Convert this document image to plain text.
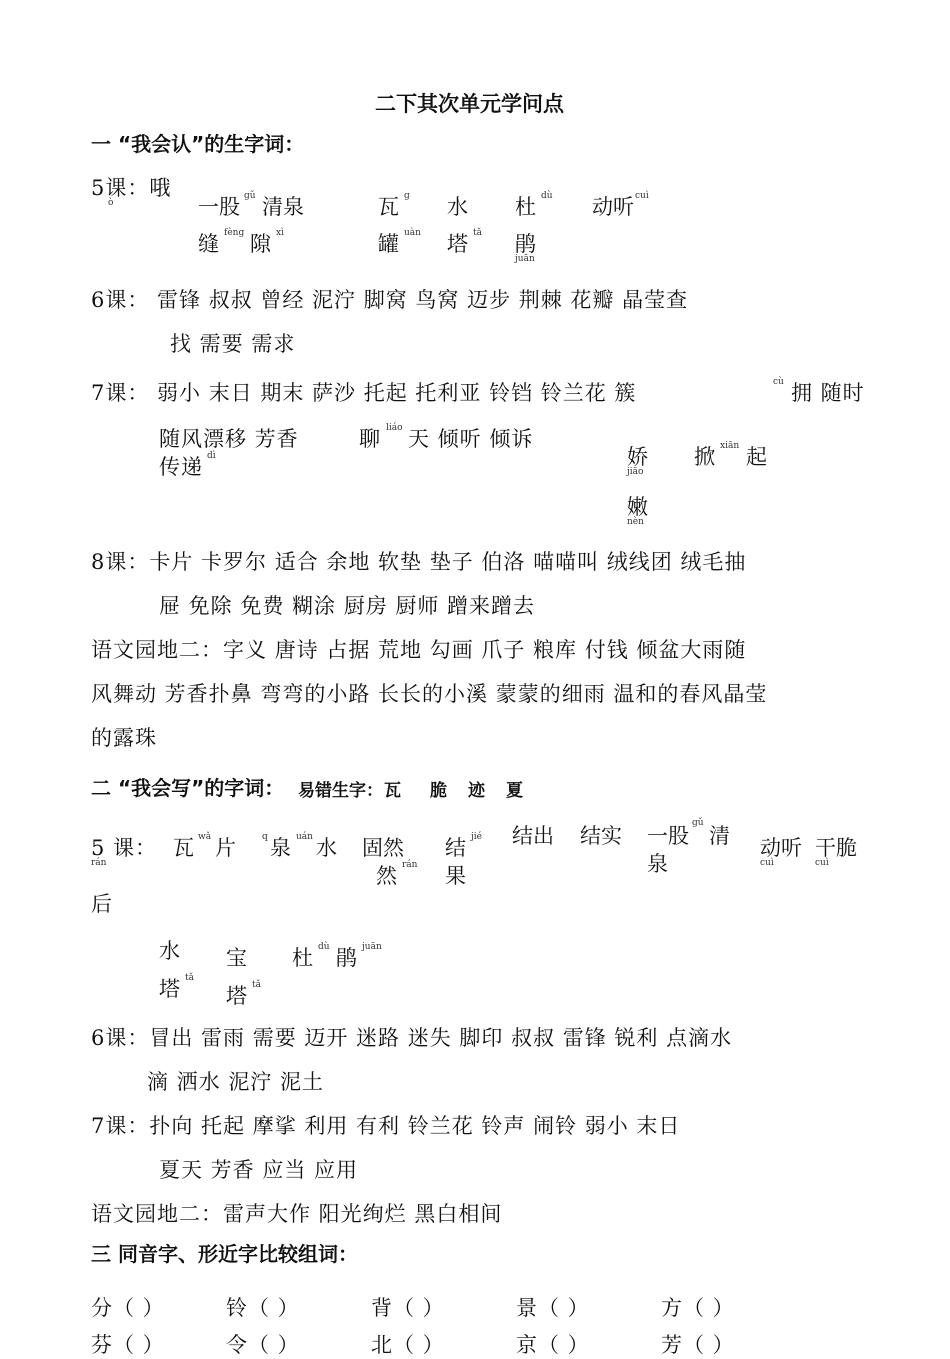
二下其次单元学问点
一 “我会认”的生字词：
5课：哦
ò	一股 gǔ 清泉	瓦 g 水 杜 dù 动听 cuì
缝 fèng 隙 xì	罐 uàn 塔 tǎ 鹃
juān
6课： 雷锋 叔叔 曾经 泥泞 脚窝 鸟窝 迈步 荆棘 花瓣 晶莹查
找 需要 需求
7课： 弱小 末日 期末 萨沙 托起 托利亚 铃铛 铃兰花 簇	cù 拥 随时
随风漂移 芳香	聊 liáo 天 倾听 倾诉
传递 dì	娇
jiāo
掀 xiān 起
嫩
nèn
8课：卡片 卡罗尔 适合 余地 软垫 垫子 伯洛 喵喵叫 绒线团 绒毛抽
屉 免除 免费 糊涂 厨房 厨师 蹭来蹭去
语文园地二：字义 唐诗 占据 荒地 勾画 爪子 粮库 付钱 倾盆大雨随
风舞动 芳香扑鼻 弯弯的小路 长长的小溪 蒙蒙的细雨 温和的春风晶莹
的露珠
二 “我会写”的字词： 易错生字： 瓦 脆 迹 夏
5 课：
rán
瓦 wǎ 片	q 泉 uán 水 固然
然 rán
结 jié
果
结出 结实 一股
gǔ
清
泉
动听
cuì
干脆
cuì
后
水
塔 tǎ
宝
塔 tǎ
杜 dù 鹃 juān
6课：冒出 雷雨 需要 迈开 迷路 迷失 脚印 叔叔 雷锋 锐利 点滴水
滴 洒水 泥泞 泥土
7课：扑向 托起 摩挲 利用 有利 铃兰花 铃声 闹铃 弱小 末日
夏天 芳香 应当 应用
语文园地二：雷声大作 阳光绚烂 黑白相间
三 同音字、形近字比较组词：
分（ ）	铃（ ）	背（ ）	景（ ）	方（ ）
芬（ ）	令（ ）	北（ ）	京（ ）	芳（ ）
